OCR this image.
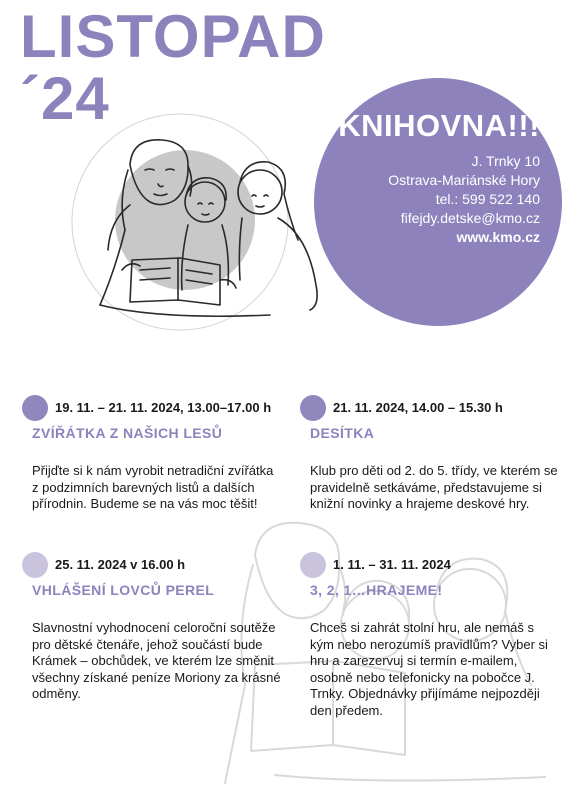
LISTOPAD
´24	KNIHOVNA!!!
J. Trnky 10
Ostrava-Mariánské Hory
tel.: 599 522 140
fifejdy.detske@kmo.cz
www.kmo.cz
19. 11. – 21. 11. 2024, 13.00–17.00 h
ZVÍŘÁTKA Z NAŠICH LESŮ
Přijďte si k nám vyrobit netradiční zvířátka z podzimních barevných listů a dalších přírodnin. Budeme se na vás moc těšit!
21. 11. 2024, 14.00 – 15.30 h
DESÍTKA
Klub pro děti od 2. do 5. třídy, ve kterém se pravidelně setkáváme, představujeme si knižní novinky a hrajeme deskové hry.
25. 11. 2024 v 16.00 h
VHLÁŠENÍ LOVCŮ PEREL
Slavnostní vyhodnocení celoroční soutěže pro dětské čtenáře, jehož součástí bude Krámek – obchůdek, ve kterém lze směnit všechny získané peníze Moriony za krásné odměny.
1. 11. – 31. 11. 2024
3, 2, 1…HRAJEME!
Chceš si zahrát stolní hru, ale nemáš s kým nebo nerozumíš pravidlům? Vyber si hru a zarezervuj si termín e-mailem, osobně nebo telefonicky na pobočce J. Trnky. Objednávky přijímáme nejpozději den předem.
